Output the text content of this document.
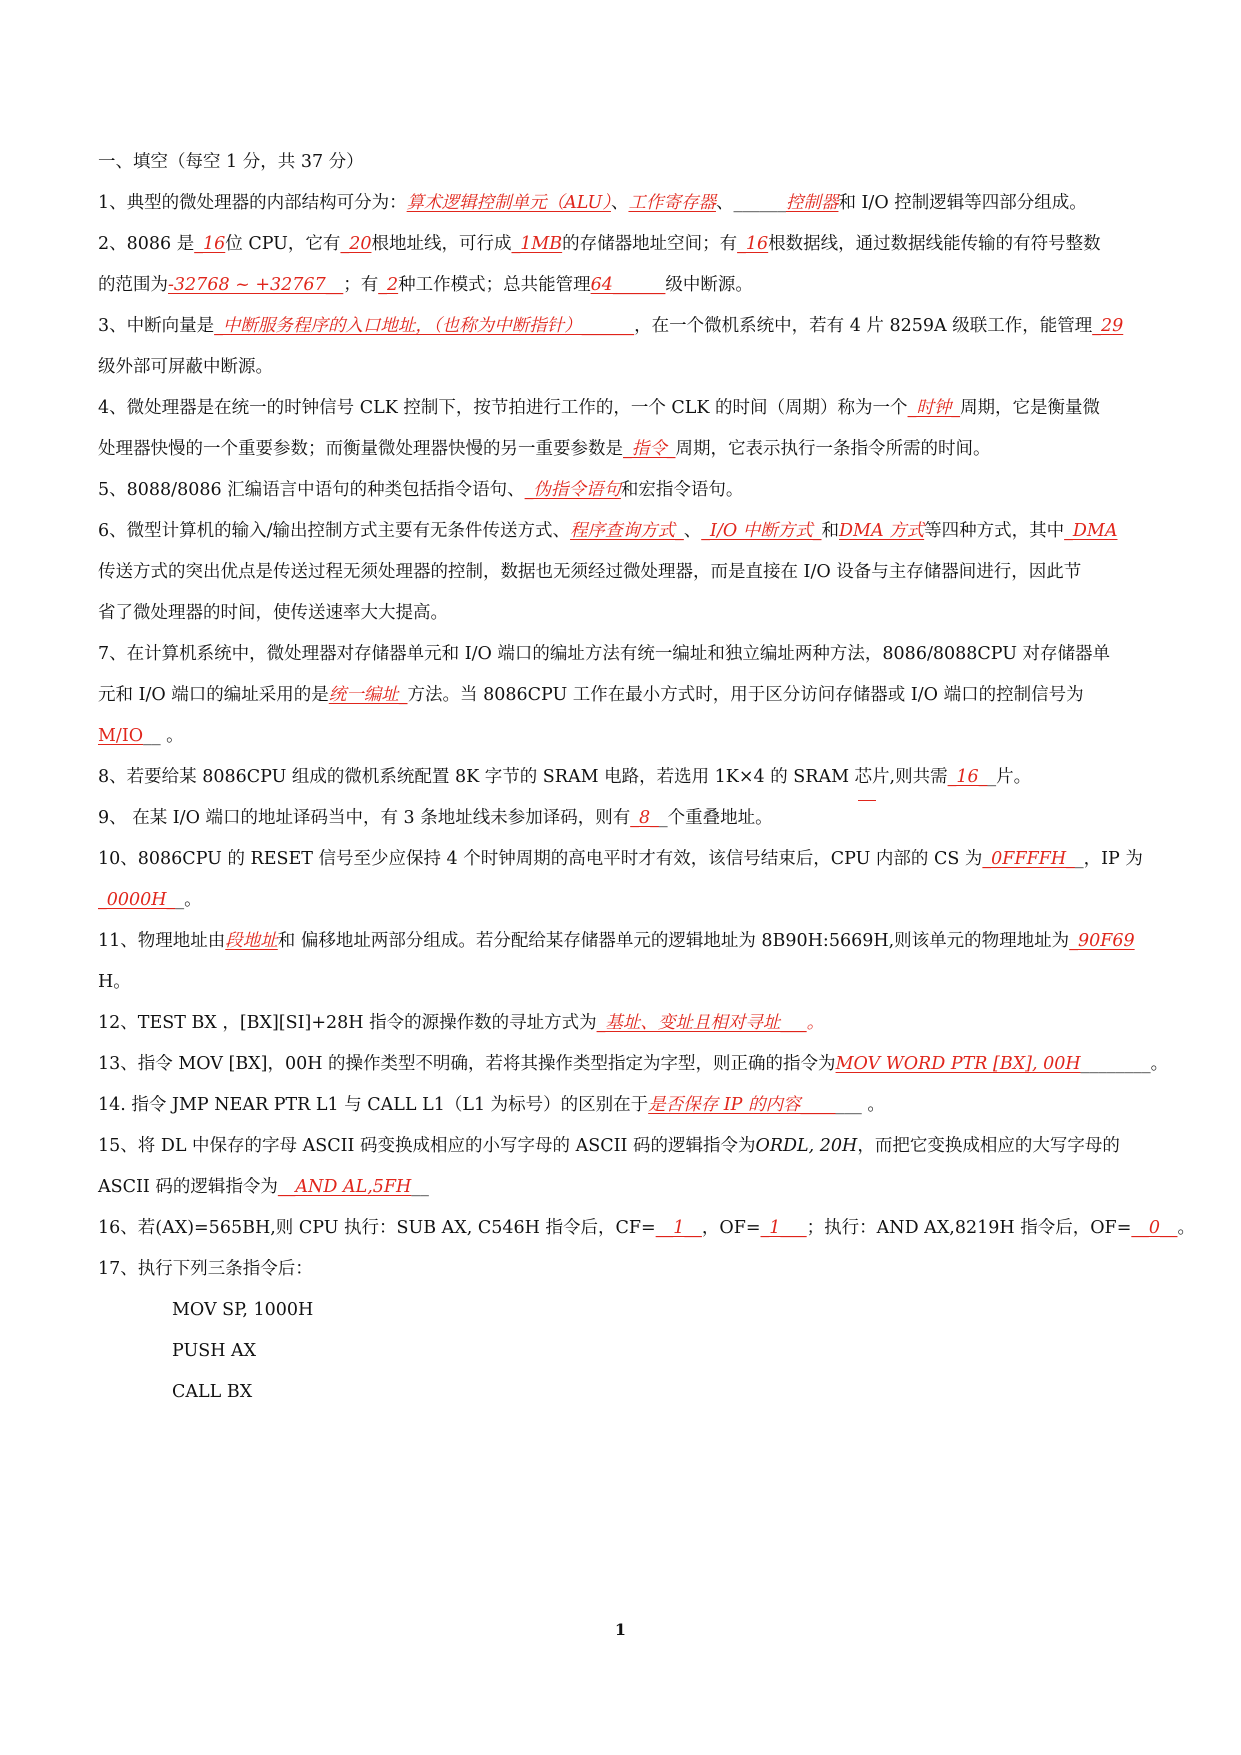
一、填空（每空 1 分，共 37 分）
1、典型的微处理器的内部结构可分为：算术逻辑控制单元（ALU）、工作寄存器、______控制器和 I/O 控制逻辑等四部分组成。
2、8086 是_16位 CPU，它有_20根地址线，可行成_1MB的存储器地址空间；有_16根数据线，通过数据线能传输的有符号整数
的范围为-32768 ~ +32767__；有_2种工作模式；总共能管理64______级中断源。
3、中断向量是_中断服务程序的入口地址，（也称为中断指针）______，在一个微机系统中，若有 4 片 8259A 级联工作，能管理_29
级外部可屏蔽中断源。
4、微处理器是在统一的时钟信号 CLK 控制下，按节拍进行工作的，一个 CLK 的时间（周期）称为一个_时钟_周期，它是衡量微
处理器快慢的一个重要参数；而衡量微处理器快慢的另一重要参数是_指令_周期，它表示执行一条指令所需的时间。
5、8088/8086 汇编语言中语句的种类包括指令语句、_伪指令语句和宏指令语句。
6、微型计算机的输入/输出控制方式主要有无条件传送方式、程序查询方式_、_I/O 中断方式_和DMA 方式等四种方式，其中_DMA
传送方式的突出优点是传送过程无须处理器的控制，数据也无须经过微处理器，而是直接在 I/O 设备与主存储器间进行，因此节
省了微处理器的时间，使传送速率大大提高。
7、在计算机系统中，微处理器对存储器单元和 I/O 端口的编址方法有统一编址和独立编址两种方法，8086/8088CPU 对存储器单
元和 I/O 端口的编址采用的是统一编址_方法。当 8086CPU 工作在最小方式时，用于区分访问存储器或 I/O 端口的控制信号为
M/IO__ 。
8、若要给某 8086CPU 组成的微机系统配置 8K 字节的 SRAM 电路，若选用 1K×4 的 SRAM 芯片,则共需_16__片。
9、 在某 I/O 端口的地址译码当中，有 3 条地址线未参加译码，则有_8__个重叠地址。
10、8086CPU 的 RESET 信号至少应保持 4 个时钟周期的高电平时才有效，该信号结束后，CPU 内部的 CS 为_0FFFFH__，IP 为
_0000H__。
11、物理地址由段地址和 偏移地址两部分组成。若分配给某存储器单元的逻辑地址为 8B90H:5669H,则该单元的物理地址为_90F69
H。
12、TEST BX ，[BX][SI]+28H 指令的源操作数的寻址方式为_基址、变址且相对寻址___。
13、指令 MOV [BX]，00H 的操作类型不明确，若将其操作类型指定为字型，则正确的指令为MOV WORD PTR [BX], 00H________。
14. 指令 JMP NEAR PTR L1 与 CALL L1（L1 为标号）的区别在于是否保存 IP 的内容_______ 。
15、将 DL 中保存的字母 ASCII 码变换成相应的小写字母的 ASCII 码的逻辑指令为ORDL, 20H，而把它变换成相应的大写字母的
ASCII 码的逻辑指令为__AND AL,5FH__
16、若(AX)=565BH,则 CPU 执行：SUB AX, C546H 指令后，CF=__1__，OF=_1___；执行：AND AX,8219H 指令后，OF=__0__。
17、执行下列三条指令后：
MOV SP, 1000H
PUSH AX
CALL BX
1
